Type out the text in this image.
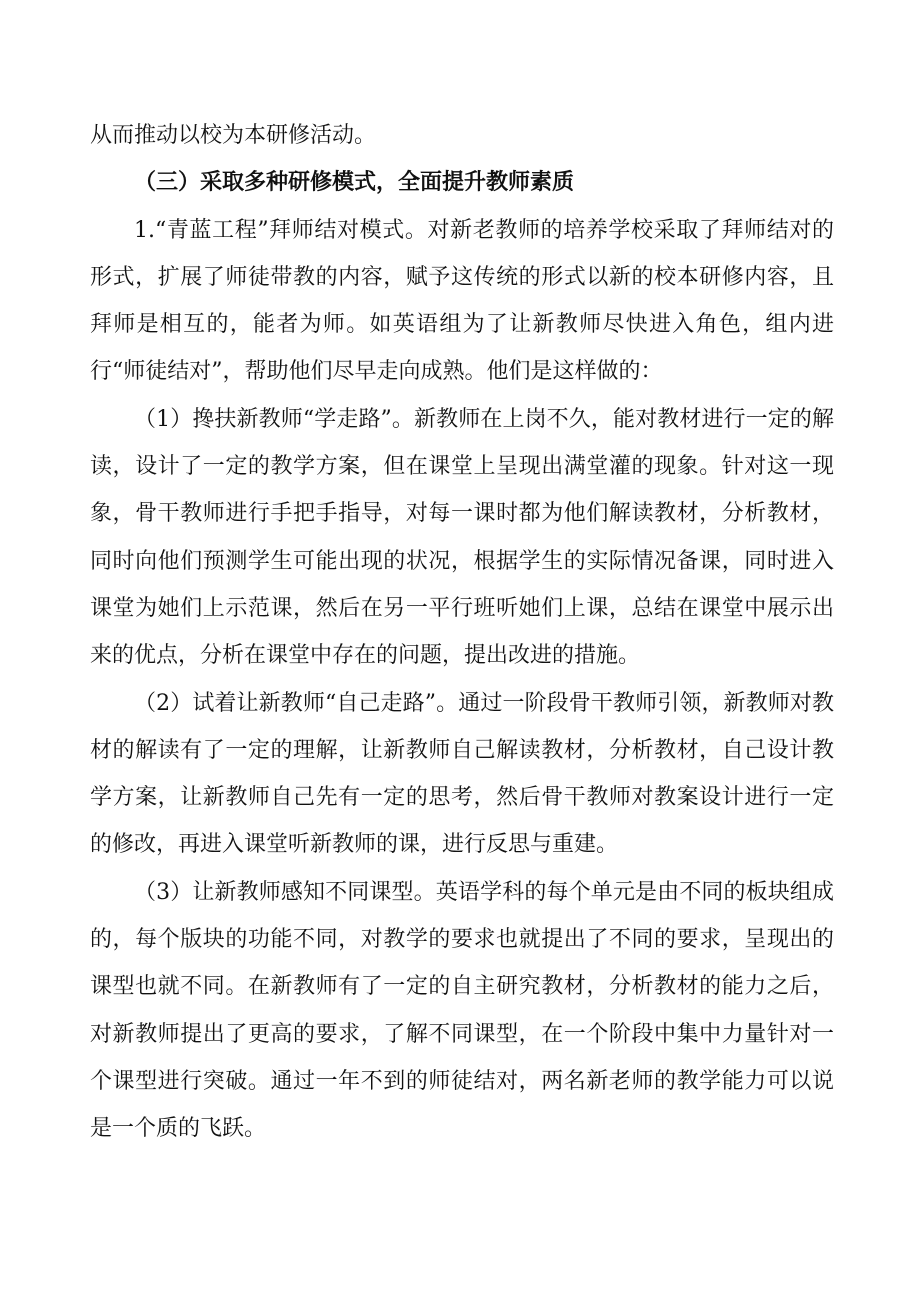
从而推动以校为本研修活动。

（三）采取多种研修模式，全面提升教师素质

1.“青蓝工程”拜师结对模式。对新老教师的培养学校采取了拜师结对的形式，扩展了师徒带教的内容，赋予这传统的形式以新的校本研修内容，且拜师是相互的，能者为师。如英语组为了让新教师尽快进入角色，组内进行“师徒结对”，帮助他们尽早走向成熟。他们是这样做的：

（1）搀扶新教师“学走路”。新教师在上岗不久，能对教材进行一定的解读，设计了一定的教学方案，但在课堂上呈现出满堂灌的现象。针对这一现象，骨干教师进行手把手指导，对每一课时都为他们解读教材，分析教材，同时向他们预测学生可能出现的状况，根据学生的实际情况备课，同时进入课堂为她们上示范课，然后在另一平行班听她们上课，总结在课堂中展示出来的优点，分析在课堂中存在的问题，提出改进的措施。

（2）试着让新教师“自己走路”。通过一阶段骨干教师引领，新教师对教材的解读有了一定的理解，让新教师自己解读教材，分析教材，自己设计教学方案，让新教师自己先有一定的思考，然后骨干教师对教案设计进行一定的修改，再进入课堂听新教师的课，进行反思与重建。

（3）让新教师感知不同课型。英语学科的每个单元是由不同的板块组成的，每个版块的功能不同，对教学的要求也就提出了不同的要求，呈现出的课型也就不同。在新教师有了一定的自主研究教材，分析教材的能力之后，对新教师提出了更高的要求，了解不同课型，在一个阶段中集中力量针对一个课型进行突破。通过一年不到的师徒结对，两名新老师的教学能力可以说是一个质的飞跃。
